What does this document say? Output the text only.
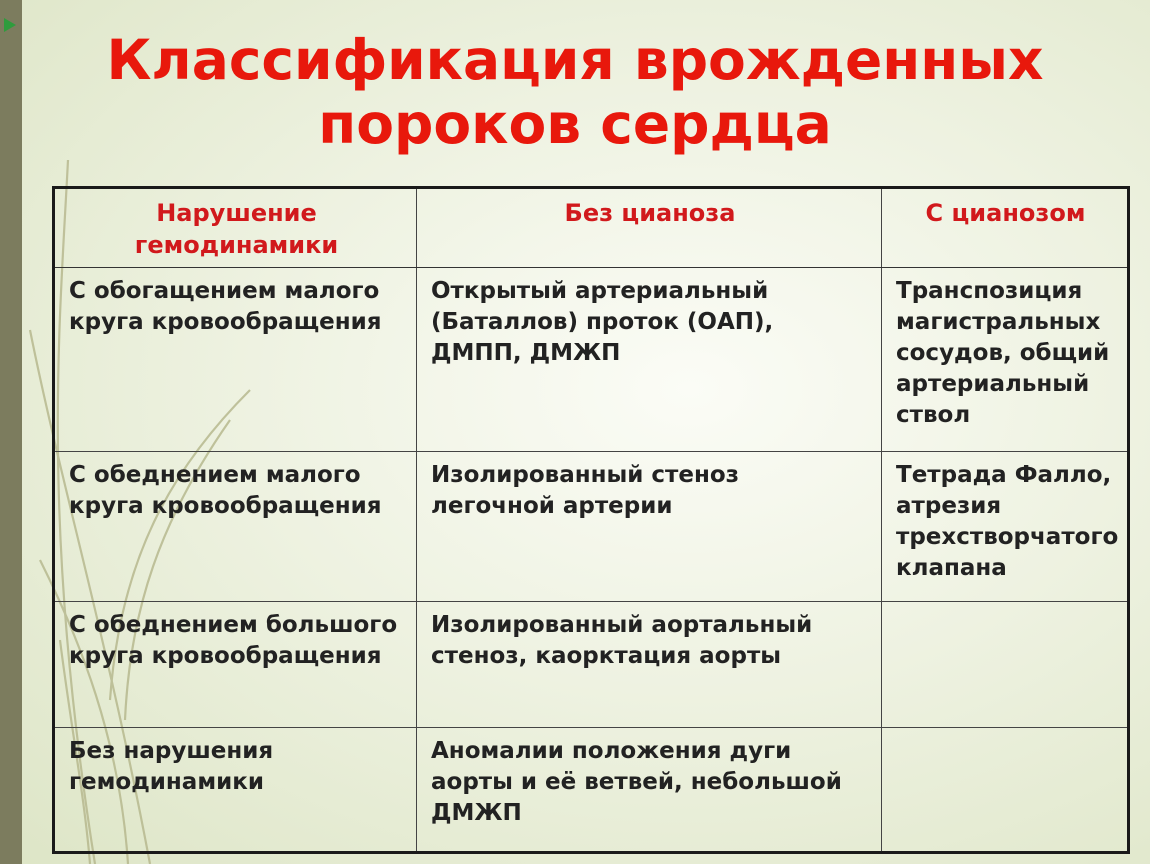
Классификация врожденных
пороков сердца
Нарушение гемодинамики	Без цианоза	С цианозом
С обогащением малого круга кровообращения	Открытый артериальный (Баталлов) проток (ОАП), ДМПП, ДМЖП	Транспозиция магистральных сосудов, общий артериальный ствол
С обеднением малого круга кровообращения	Изолированный стеноз легочной артерии	Тетрада Фалло, атрезия трехстворчатого клапана
С обеднением большого круга кровообращения	Изолированный аортальный стеноз, каорктация аорты	
Без нарушения гемодинамики	Аномалии положения дуги аорты и её ветвей, небольшой ДМЖП	
